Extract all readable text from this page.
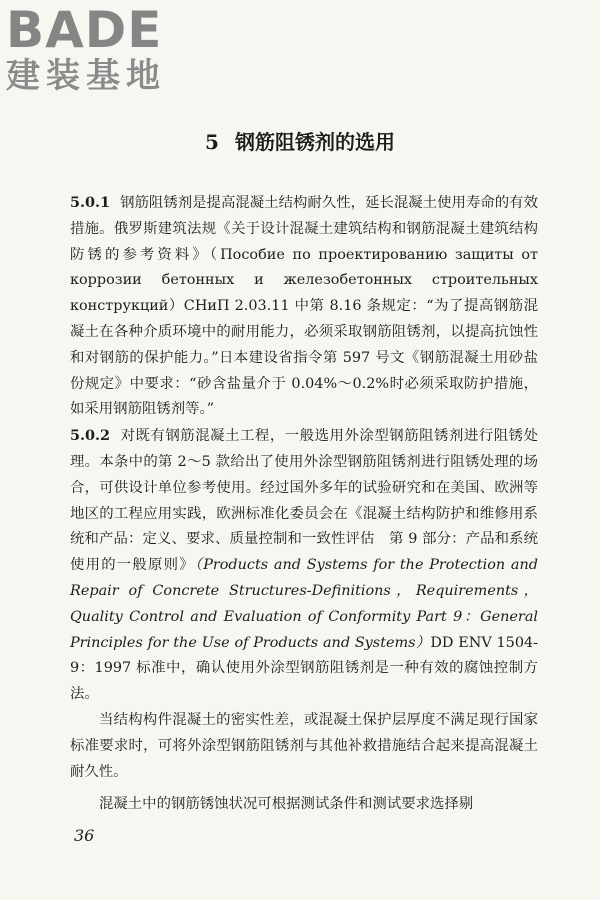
BADE
建装基地
5 钢筋阻锈剂的选用

5.0.1 钢筋阻锈剂是提高混凝土结构耐久性，延长混凝土使用寿命的有效措施。俄罗斯建筑法规《关于设计混凝土建筑结构和钢筋混凝土建筑结构防锈的参考资料》（Пособие по проектированию защиты от коррозии бетонных и железобетонных строительных конструкций）СНиП 2.03.11 中第 8.16 条规定：“为了提高钢筋混凝土在各种介质环境中的耐用能力，必须采取钢筋阻锈剂，以提高抗蚀性和对钢筋的保护能力。”日本建设省指令第 597 号文《钢筋混凝土用砂盐份规定》中要求：“砂含盐量介于 0.04%～0.2%时必须采取防护措施，如采用钢筋阻锈剂等。”

5.0.2 对既有钢筋混凝土工程，一般选用外涂型钢筋阻锈剂进行阻锈处理。本条中的第 2～5 款给出了使用外涂型钢筋阻锈剂进行阻锈处理的场合，可供设计单位参考使用。经过国外多年的试验研究和在美国、欧洲等地区的工程应用实践，欧洲标准化委员会在《混凝土结构防护和维修用系统和产品：定义、要求、质量控制和一致性评估　第 9 部分：产品和系统使用的一般原则》（Products and Systems for the Protection and Repair of Concrete Structures-Definitions，Requirements，Quality Control and Evaluation of Conformity Part 9：General Principles for the Use of Products and Systems）DD ENV 1504-9：1997 标准中，确认使用外涂型钢筋阻锈剂是一种有效的腐蚀控制方法。

当结构构件混凝土的密实性差，或混凝土保护层厚度不满足现行国家标准要求时，可将外涂型钢筋阻锈剂与其他补救措施结合起来提高混凝土耐久性。

混凝土中的钢筋锈蚀状况可根据测试条件和测试要求选择剔

36
